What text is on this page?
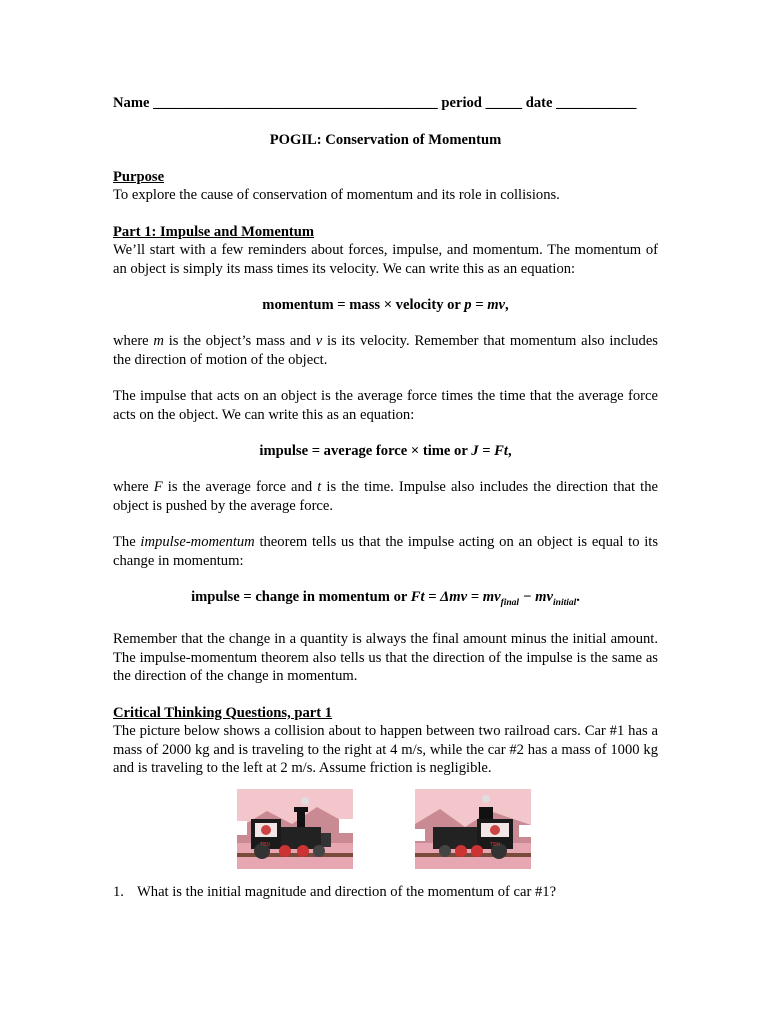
Name _______________________________________ period _____ date ___________
POGIL: Conservation of Momentum
Purpose
To explore the cause of conservation of momentum and its role in collisions.
Part 1: Impulse and Momentum
We’ll start with a few reminders about forces, impulse, and momentum. The momentum of an object is simply its mass times its velocity. We can write this as an equation:
momentum = mass × velocity or p = mv,
where m is the object’s mass and v is its velocity. Remember that momentum also includes the direction of motion of the object.
The impulse that acts on an object is the average force times the time that the average force acts on the object. We can write this as an equation:
impulse = average force × time or J = Ft,
where F is the average force and t is the time. Impulse also includes the direction that the object is pushed by the average force.
The impulse-momentum theorem tells us that the impulse acting on an object is equal to its change in momentum:
impulse = change in momentum or $Ft = \Delta mv = mv_{final} - mv_{initial}$.
Remember that the change in a quantity is always the final amount minus the initial amount. The impulse-momentum theorem also tells us that the direction of the impulse is the same as the direction of the change in momentum.
Critical Thinking Questions, part 1
The picture below shows a collision about to happen between two railroad cars. Car #1 has a mass of 2000 kg and is traveling to the right at 4 m/s, while the car #2 has a mass of 1000 kg and is traveling to the left at 2 m/s. Assume friction is negligible.
TEN	TEN
1. What is the initial magnitude and direction of the momentum of car #1?
